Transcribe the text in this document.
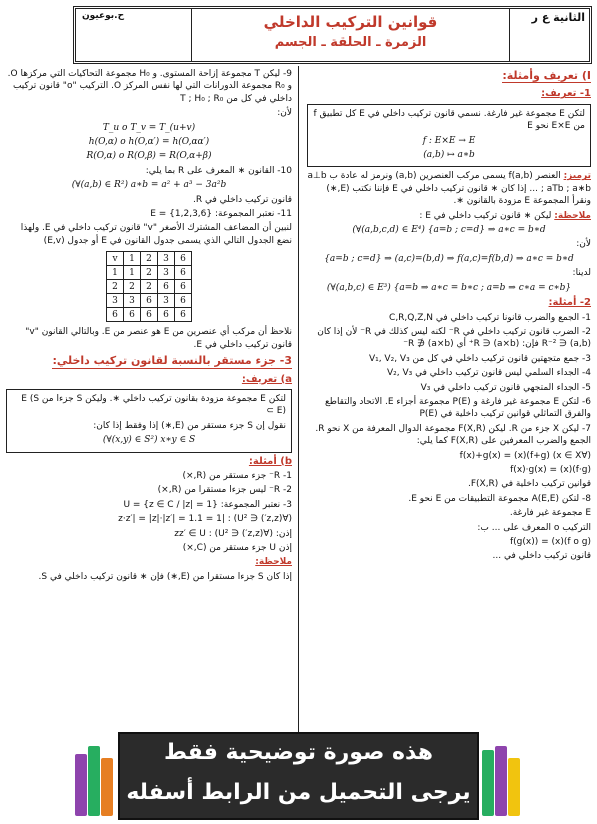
الثانية ع ر
قوانين التركيب الداخلي
الزمرة ـ الحلقة ـ الجسم
ح.بوعيون
I) تعريف وأمثلة:
1- تعريف:

لتكن E مجموعة غير فارغة. نسمي قانون تركيب داخلي في E كل تطبيق f من E×E نحو E

f : E×E → E
(a,b) ↦ a∗b

ترميز: العنصر f(a,b) يسمى مركب العنصرين (a,b) ونرمز له عادة ب a⊥b ; aTb ; a∗b ... إذا كان ∗ قانون تركيب داخلي في E فإننا نكتب (E,∗) ونقرأ المجموعة E مزودة بالقانون ∗.

ملاحظة: ليكن ∗ قانون تركيب داخلي في E :

(∀(a,b,c,d) ∈ E⁴) {a=b ; c=d} ⇒ a∗c = b∗d

لأن:

{a=b ; c=d} ⇒ (a,c)=(b,d) ⇒ f(a,c)=f(b,d) ⇒ a∗c = b∗d

لدينا:

(∀(a,b,c) ∈ E³) {a=b ⇒ a∗c = b∗c ; a=b ⇒ c∗a = c∗b}
2- أمثلة:

1- الجمع والضرب قانونا تركيب داخلي في C,R,Q,Z,N

2- الضرب قانون تركيب داخلي في R⁻ لكنه ليس كذلك في R⁻ لأن إذا كان (a,b) ∈ R⁻² فإن: (a×b) ∈ R⁺ أي (a×b) ∉ R⁻

3- جمع متجهتين قانون تركيب داخلي في كل من V₁, V₂, V₃

4- الجداء السلمي ليس قانون تركيب داخلي في V₂, V₃

5- الجداء المتجهي قانون تركيب داخلي في V₃

6- لتكن E مجموعة غير فارغة و P(E) مجموعة أجزاء E. الاتحاد والتقاطع والفرق التماثلي قوانين تركيب داخلية في P(E)

7- ليكن X جزء من R. ليكن F(X,R) مجموعة الدوال المعرفة من X نحو R. الجمع والضرب المعرفين على F(X,R) كما يلي:

(∀x ∈ X) (f+g)(x) = f(x)+g(x)

(f·g)(x) = f(x)·g(x)

قوانين تركيب داخلية في F(X,R).

8- لتكن A(E,E) مجموعة التطبيقات من E نحو E.

E مجموعة غير فارغة.

التركيب o المعرف على ... ب:

(f o g)(x) = f(g(x))

قانون تركيب داخلي في ...

9- ليكن T مجموعة إزاحة المستوى. و H₀ مجموعة التحاكيات التي مركزها O. و R₀ مجموعة الدورانات التي لها نفس المركز O. التركيب "o" قانون تركيب داخلي في كل من T ; H₀ ; R₀

لأن:

T_u o T_v = T_(u+v)
h(O,α) o h(O,α′) = h(O,αα′)
R(O,α) o R(O,β) = R(O,α+β)

10- القانون ∗ المعرف على R بما يلي:

(∀(a,b) ∈ R²) a∗b = a² + a³ − 3a²b

قانون تركيب داخلي في R.

11- نعتبر المجموعة: E = {1,2,3,6}

لنبين أن المضاعف المشترك الأصغر "v" قانون تركيب داخلي في E. ولهذا نضع الجدول التالي الذي يسمى جدول القانون في E أو جدول (E,v)

v	1	2	3	6
1	1	2	3	6
2	2	2	6	6
3	3	6	3	6
6	6	6	6	6

نلاحظ أن مركب أي عنصرين من E هو عنصر من E. وبالتالي القانون "v" قانون تركيب داخلي في E.

3- جزء مستقر بالنسبة لقانون تركيب داخلي:
a) تعريف:

لتكن E مجموعة مزودة بقانون تركيب داخلي ∗. وليكن S جزءا من E (S ⊂ E)

نقول إن S جزء مستقر من (E,∗) إذا وفقط إذا كان:

(∀(x,y) ∈ S²) x∗y ∈ S
b) أمثلة:

1- R⁻ جزء مستقر من (R,×)

2- R⁻ ليس جزءا مستقرا من (R,×)

3- نعتبر المجموعة: U = {z ∈ C / |z| = 1}

(∀(z,z′) ∈ U²) : |z·z′| = |z|·|z′| = 1.1 = 1

إذن: (∀(z,z′) ∈ U²) : zz′ ∈ U

إذن U جزء مستقر من (C,×)

ملاحظة:

إذا كان S جزءا مستقرا من (E,∗) فإن ∗ قانون تركيب داخلي في S.

هذه صورة توضيحية فقط
يرجى التحميل من الرابط أسفله
